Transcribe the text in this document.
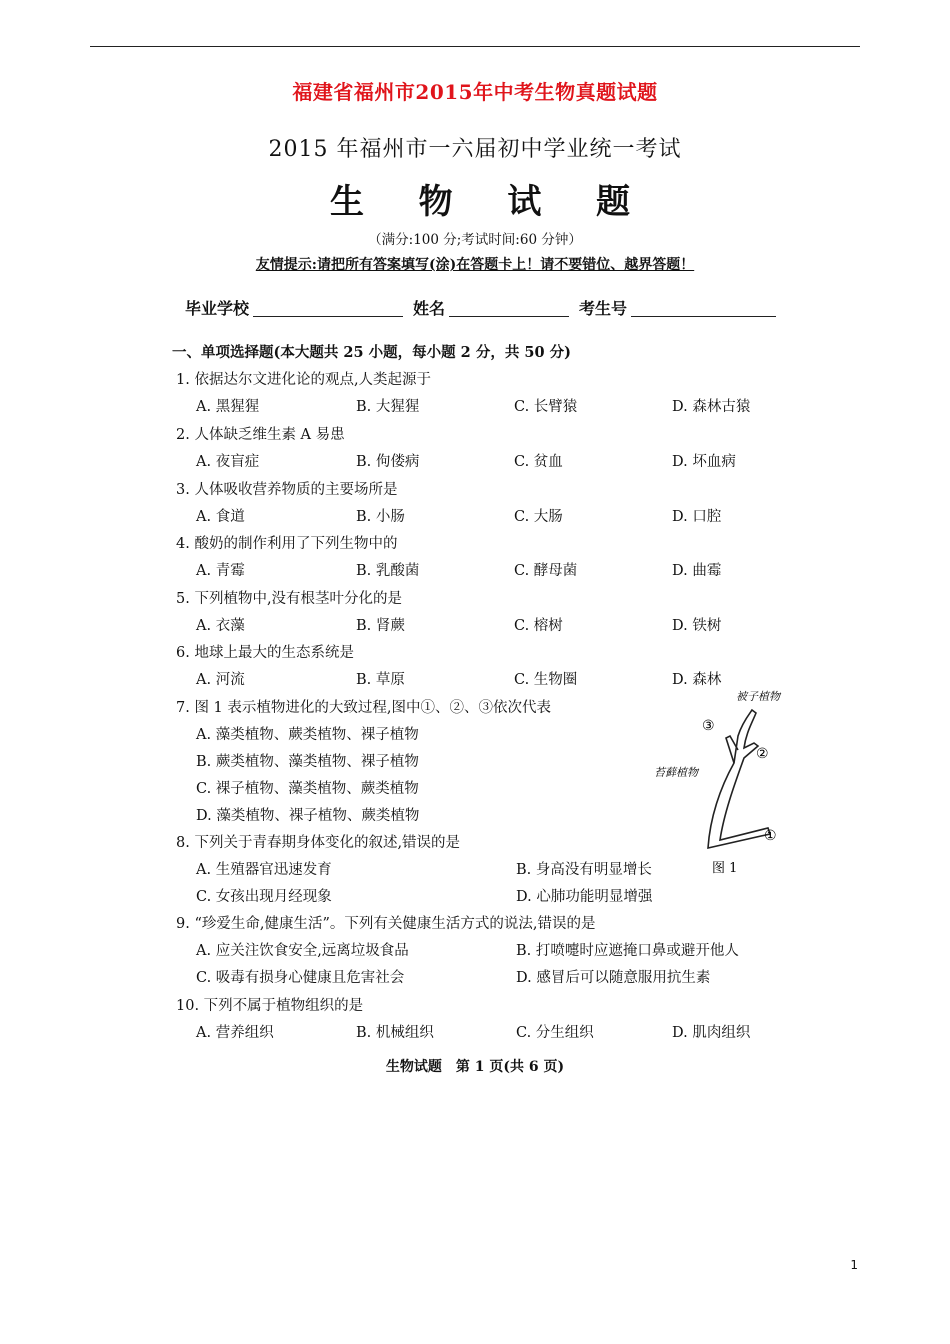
福建省福州市2015年中考生物真题试题
2015 年福州市一六届初中学业统一考试
生 物 试 题
（满分:100 分;考试时间:60 分钟）
友情提示:请把所有答案填写(涂)在答题卡上！请不要错位、越界答题！
毕业学校	姓名	考生号
一、单项选择题(本大题共 25 小题，每小题 2 分，共 50 分)
1. 依据达尔文进化论的观点,人类起源于
A. 黑猩猩	B. 大猩猩	C. 长臂猿	D. 森林古猿
2. 人体缺乏维生素 A 易患
A. 夜盲症	B. 佝偻病	C. 贫血	D. 坏血病
3. 人体吸收营养物质的主要场所是
A. 食道	B. 小肠	C. 大肠	D. 口腔
4. 酸奶的制作利用了下列生物中的
A. 青霉	B. 乳酸菌	C. 酵母菌	D. 曲霉
5. 下列植物中,没有根茎叶分化的是
A. 衣藻	B. 肾蕨	C. 榕树	D. 铁树
6. 地球上最大的生态系统是
A. 河流	B. 草原	C. 生物圈	D. 森林
7. 图 1 表示植物进化的大致过程,图中①、②、③依次代表
A. 藻类植物、蕨类植物、裸子植物
B. 蕨类植物、藻类植物、裸子植物
C. 裸子植物、藻类植物、蕨类植物
D. 藻类植物、裸子植物、蕨类植物
8. 下列关于青春期身体变化的叙述,错误的是
A. 生殖器官迅速发育	B. 身高没有明显增长
C. 女孩出现月经现象	D. 心肺功能明显增强
9. “珍爱生命,健康生活”。下列有关健康生活方式的说法,错误的是
A. 应关注饮食安全,远离垃圾食品	B. 打喷嚏时应遮掩口鼻或避开他人
C. 吸毒有损身心健康且危害社会	D. 感冒后可以随意服用抗生素
10. 下列不属于植物组织的是
A. 营养组织	B. 机械组织	C. 分生组织	D. 肌肉组织
被子植物
苔藓植物
③
②
①
图 1
生物试题　第 1 页(共 6 页)
1
